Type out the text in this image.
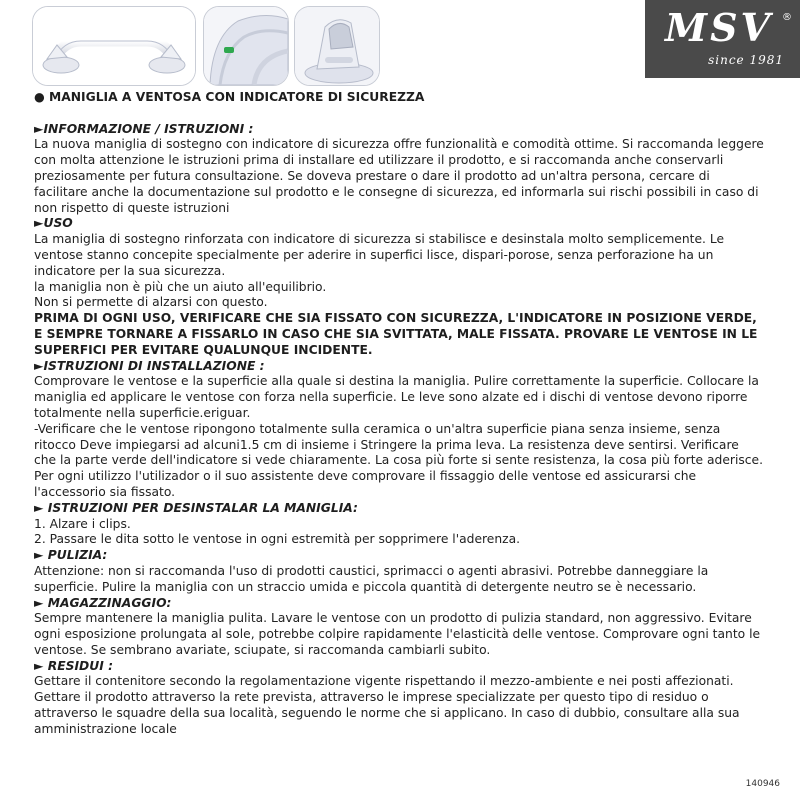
MSV ®
since 1981

● MANIGLIA A VENTOSA CON INDICATORE DI SICUREZZA

►INFORMAZIONE / ISTRUZIONI :

La nuova maniglia di sostegno con indicatore di sicurezza offre funzionalità e comodità ottime. Si raccomanda leggere con molta attenzione le istruzioni prima di installare ed utilizzare il prodotto, e si raccomanda anche conservarli preziosamente per futura consultazione. Se doveva prestare o dare il prodotto ad un'altra persona, cercare di facilitare anche la documentazione sul prodotto e le consegne di sicurezza, ed informarla sui rischi possibili in caso di non rispetto di queste istruzioni

►USO

La maniglia di sostegno rinforzata con indicatore di sicurezza si stabilisce e desinstala molto semplicemente. Le ventose stanno concepite specialmente per aderire in superfici lisce, dispari-porose, senza perforazione ha un indicatore per la sua sicurezza.

la maniglia non è più che un aiuto all'equilibrio.

Non si permette di alzarsi con questo.

PRIMA DI OGNI USO, VERIFICARE CHE SIA FISSATO CON SICUREZZA, L'INDICATORE IN POSIZIONE VERDE, E SEMPRE TORNARE A FISSARLO IN CASO CHE SIA SVITTATA, MALE FISSATA. PROVARE LE VENTOSE IN LE SUPERFICI PER EVITARE QUALUNQUE INCIDENTE.

►ISTRUZIONI DI INSTALLAZIONE :

Comprovare le ventose e la superficie alla quale si destina la maniglia. Pulire correttamente la superficie. Collocare la maniglia ed applicare le ventose con forza nella superficie. Le leve sono alzate ed i dischi di ventose devono riporre totalmente nella superficie.eriguar.

-Verificare che le ventose ripongono totalmente sulla ceramica o un'altra superficie piana senza insieme, senza ritocco Deve impiegarsi ad alcuni1.5 cm di insieme i Stringere la prima leva. La resistenza deve sentirsi. Verificare che la parte verde dell'indicatore si vede chiaramente. La cosa più forte si sente resistenza, la cosa più forte aderisce. Per ogni utilizzo l'utilizador o il suo assistente deve comprovare il fissaggio delle ventose ed assicurarsi che l'accessorio sia fissato.

► ISTRUZIONI PER DESINSTALAR LA MANIGLIA:

1. Alzare i clips.

2. Passare le dita sotto le ventose in ogni estremità per sopprimere l'aderenza.

► PULIZIA:

Attenzione: non si raccomanda l'uso di prodotti caustici, sprimacci o agenti abrasivi. Potrebbe danneggiare la superficie. Pulire la maniglia con un straccio umida e piccola quantità di detergente neutro se è necessario.

► MAGAZZINAGGIO:

Sempre mantenere la maniglia pulita. Lavare le ventose con un prodotto di pulizia standard, non aggressivo. Evitare ogni esposizione prolungata al sole, potrebbe colpire rapidamente l'elasticità delle ventose. Comprovare ogni tanto le ventose. Se sembrano avariate, sciupate, si raccomanda cambiarli subito.

► RESIDUI :

Gettare il contenitore secondo la regolamentazione vigente rispettando il mezzo-ambiente e nei posti affezionati. Gettare il prodotto attraverso la rete prevista, attraverso le imprese specializzate per questo tipo di residuo o attraverso le squadre della sua località, seguendo le norme che si applicano. In caso di dubbio, consultare alla sua amministrazione locale

140946
